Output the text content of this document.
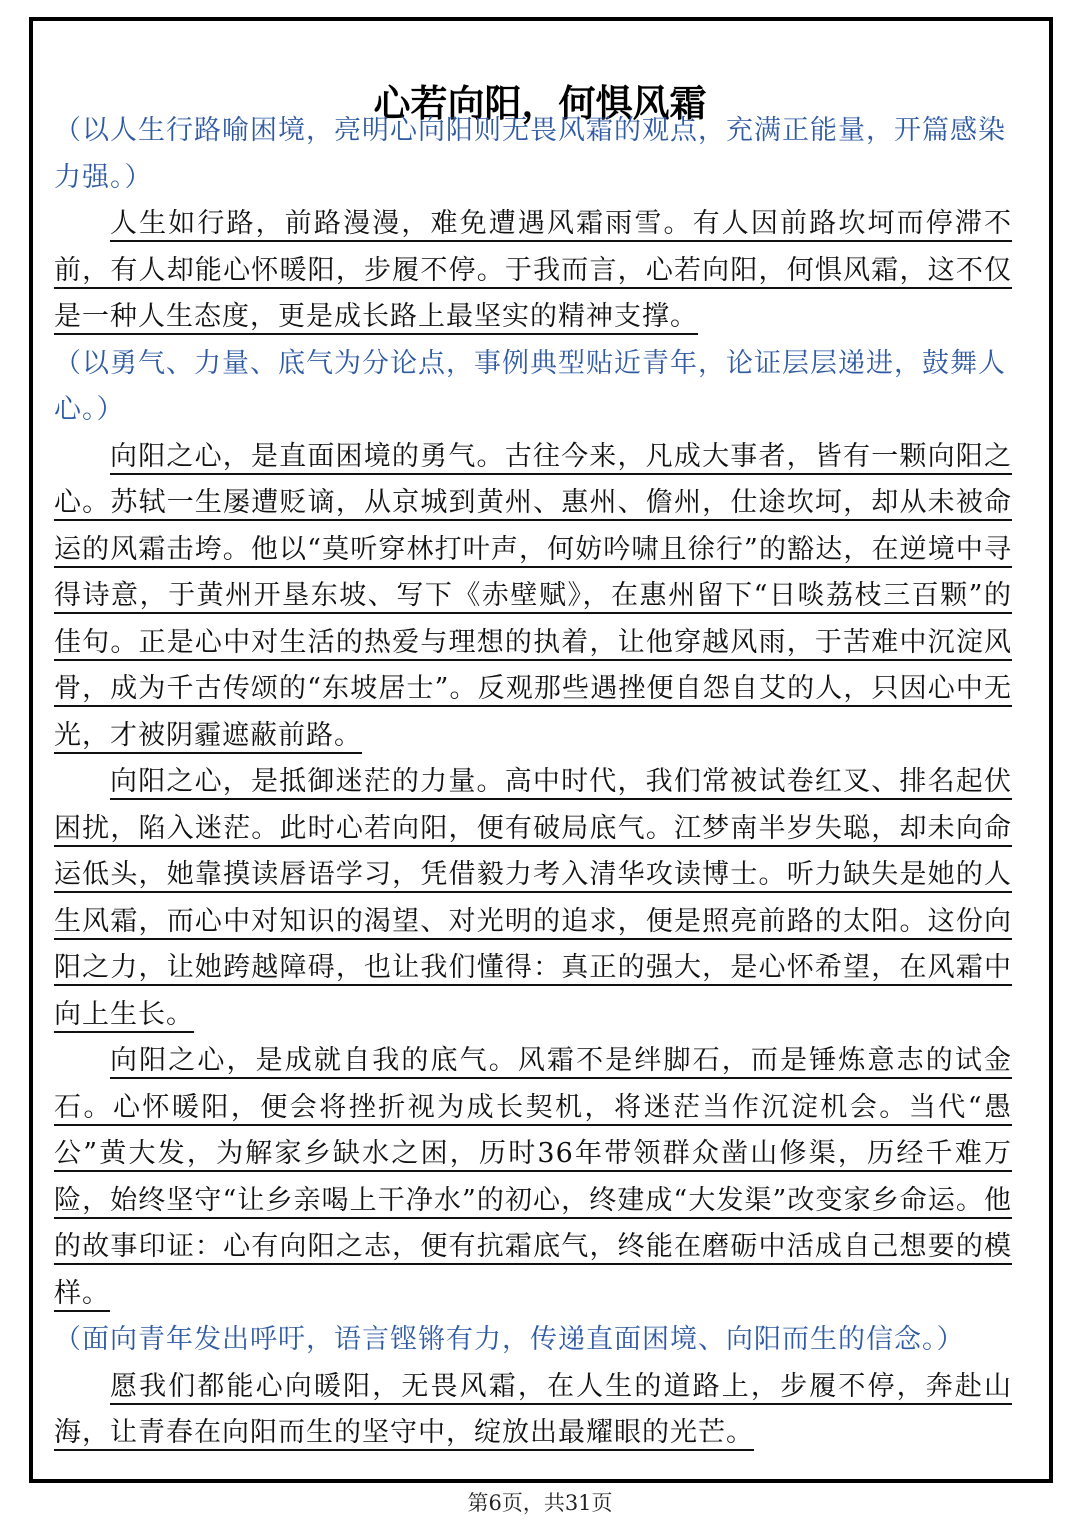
心若向阳，何惧风霜

（以人生行路喻困境，亮明心向阳则无畏风霜的观点，充满正能量，开篇感染力强。）

人生如行路，前路漫漫，难免遭遇风霜雨雪。有人因前路坎坷而停滞不前，有人却能心怀暖阳，步履不停。于我而言，心若向阳，何惧风霜，这不仅是一种人生态度，更是成长路上最坚实的精神支撑。

（以勇气、力量、底气为分论点，事例典型贴近青年，论证层层递进，鼓舞人心。）

向阳之心，是直面困境的勇气。古往今来，凡成大事者，皆有一颗向阳之心。苏轼一生屡遭贬谪，从京城到黄州、惠州、儋州，仕途坎坷，却从未被命运的风霜击垮。他以“莫听穿林打叶声，何妨吟啸且徐行”的豁达，在逆境中寻得诗意，于黄州开垦东坡、写下《赤壁赋》，在惠州留下“日啖荔枝三百颗”的佳句。正是心中对生活的热爱与理想的执着，让他穿越风雨，于苦难中沉淀风骨，成为千古传颂的“东坡居士”。反观那些遇挫便自怨自艾的人，只因心中无光，才被阴霾遮蔽前路。

向阳之心，是抵御迷茫的力量。高中时代，我们常被试卷红叉、排名起伏困扰，陷入迷茫。此时心若向阳，便有破局底气。江梦南半岁失聪，却未向命运低头，她靠摸读唇语学习，凭借毅力考入清华攻读博士。听力缺失是她的人生风霜，而心中对知识的渴望、对光明的追求，便是照亮前路的太阳。这份向阳之力，让她跨越障碍，也让我们懂得：真正的强大，是心怀希望，在风霜中向上生长。

向阳之心，是成就自我的底气。风霜不是绊脚石，而是锤炼意志的试金石。心怀暖阳，便会将挫折视为成长契机，将迷茫当作沉淀机会。当代“愚公”黄大发，为解家乡缺水之困，历时36年带领群众凿山修渠，历经千难万险，始终坚守“让乡亲喝上干净水”的初心，终建成“大发渠”改变家乡命运。他的故事印证：心有向阳之志，便有抗霜底气，终能在磨砺中活成自己想要的模样。

（面向青年发出呼吁，语言铿锵有力，传递直面困境、向阳而生的信念。）

愿我们都能心向暖阳，无畏风霜，在人生的道路上，步履不停，奔赴山海，让青春在向阳而生的坚守中，绽放出最耀眼的光芒。

第6页，共31页
